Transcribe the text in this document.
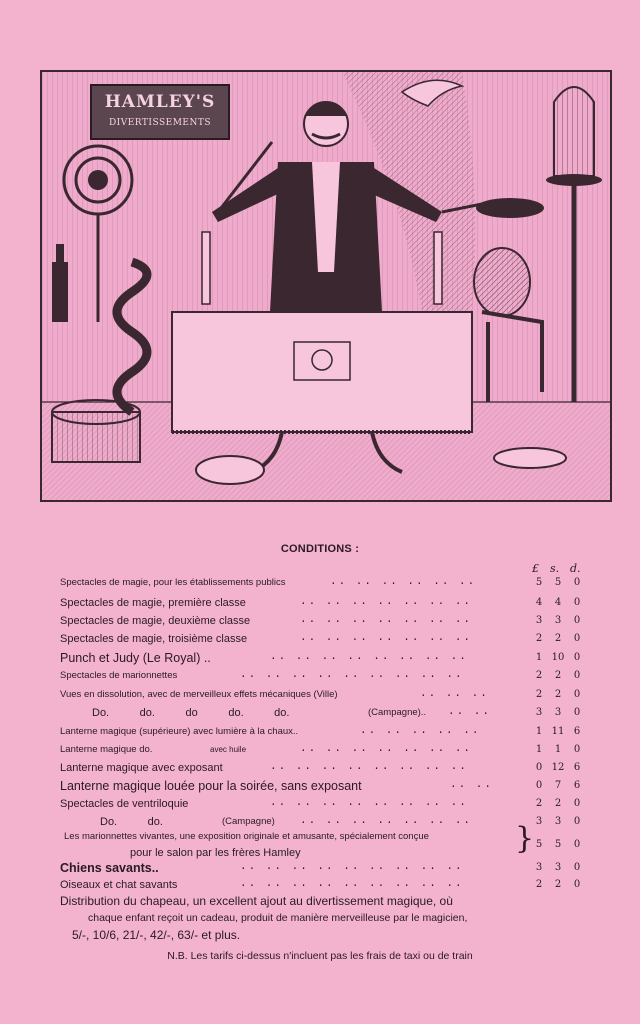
HAMLEY'S
DIVERTISSEMENTS
CONDITIONS :
£ s. d.
Spectacles de magie, pour les établissements publics	.. .. .. .. .. ..	5	5	0
Spectacles de magie, première classe	.. .. .. .. .. .. ..	4	4	0
Spectacles de magie, deuxième classe	.. .. .. .. .. .. ..	3	3	0
Spectacles de magie, troisième classe	.. .. .. .. .. .. ..	2	2	0
Punch et Judy (Le Royal) ..	.. .. .. .. .. .. .. ..	1 10 0
Spectacles de marionnettes	.. .. .. .. .. .. .. .. ..	2	2	0
Vues en dissolution, avec de merveilleux effets mécaniques (Ville)	.. .. ..	2	2	0
Do.          do.          do          do.          do.	(Campagne).. .. ..	3	3	0
Lanterne magique (supérieure) avec lumière à la chaux..	.. .. .. .. ..	1 11 6
Lanterne magique do.	avec huile	.. .. .. .. .. .. ..	1	1	0
Lanterne magique avec exposant	.. .. .. .. .. .. .. ..	0 12 6
Lanterne magique louée pour la soirée, sans exposant	.. ..	0	7	6
Spectacles de ventriloquie	.. .. .. .. .. .. .. ..	2	2	0
Do.          do.	(Campagne) .. .. .. .. .. .. ..	3	3	0
Les marionnettes vivantes, une exposition originale et amusante, spécialement conçue
pour le salon par les frères Hamley
5	5	0
}
Chiens savants..	.. .. .. .. .. .. .. .. ..	3	3	0
Oiseaux et chat savants	.. .. .. .. .. .. .. .. ..	2	2	0
Distribution du chapeau, un excellent ajout au divertissement magique, où
chaque enfant reçoit un cadeau, produit de manière merveilleuse par le magicien,
5/-, 10/6, 21/-, 42/-, 63/- et plus.
N.B. Les tarifs ci-dessus n'incluent pas les frais de taxi ou de train
